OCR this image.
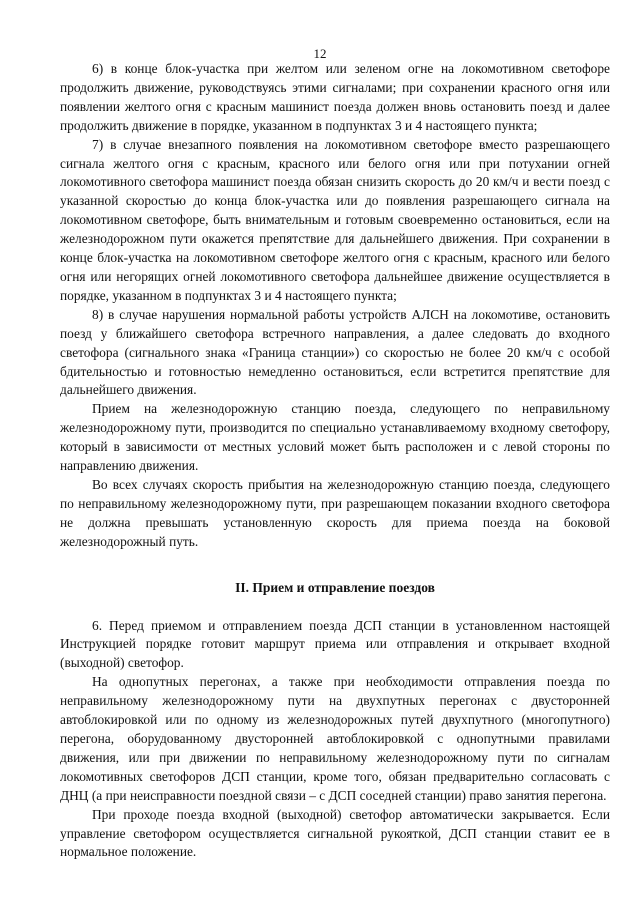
12

6) в конце блок-участка при желтом или зеленом огне на локомотивном светофоре продолжить движение, руководствуясь этими сигналами; при сохранении красного огня или появлении желтого огня с красным машинист поезда должен вновь остановить поезд и далее продолжить движение в порядке, указанном в подпунктах 3 и 4 настоящего пункта;

7) в случае внезапного появления на локомотивном светофоре вместо разрешающего сигнала желтого огня с красным, красного или белого огня или при потухании огней локомотивного светофора машинист поезда обязан снизить скорость до 20 км/ч и вести поезд с указанной скоростью до конца блок-участка или до появления разрешающего сигнала на локомотивном светофоре, быть внимательным и готовым своевременно остановиться, если на железнодорожном пути окажется препятствие для дальнейшего движения. При сохранении в конце блок-участка на локомотивном светофоре желтого огня с красным, красного или белого огня или негорящих огней локомотивного светофора дальнейшее движение осуществляется в порядке, указанном в подпунктах 3 и 4 настоящего пункта;

8) в случае нарушения нормальной работы устройств АЛСН на локомотиве, остановить поезд у ближайшего светофора встречного направления, а далее следовать до входного светофора (сигнального знака «Граница станции») со скоростью не более 20 км/ч с особой бдительностью и готовностью немедленно остановиться, если встретится препятствие для дальнейшего движения.

Прием на железнодорожную станцию поезда, следующего по неправильному железнодорожному пути, производится по специально устанавливаемому входному светофору, который в зависимости от местных условий может быть расположен и с левой стороны по направлению движения.

Во всех случаях скорость прибытия на железнодорожную станцию поезда, следующего по неправильному железнодорожному пути, при разрешающем показании входного светофора не должна превышать установленную скорость для приема поезда на боковой железнодорожный путь.

II. Прием и отправление поездов

6. Перед приемом и отправлением поезда ДСП станции в установленном настоящей Инструкцией порядке готовит маршрут приема или отправления и открывает входной (выходной) светофор.

На однопутных перегонах, а также при необходимости отправления поезда по неправильному железнодорожному пути на двухпутных перегонах с двусторонней автоблокировкой или по одному из железнодорожных путей двухпутного (многопутного) перегона, оборудованному двусторонней автоблокировкой с однопутными правилами движения, или при движении по неправильному железнодорожному пути по сигналам локомотивных светофоров ДСП станции, кроме того, обязан предварительно согласовать с ДНЦ (а при неисправности поездной связи – с ДСП соседней станции) право занятия перегона.

При проходе поезда входной (выходной) светофор автоматически закрывается. Если управление светофором осуществляется сигнальной рукояткой, ДСП станции ставит ее в нормальное положение.
